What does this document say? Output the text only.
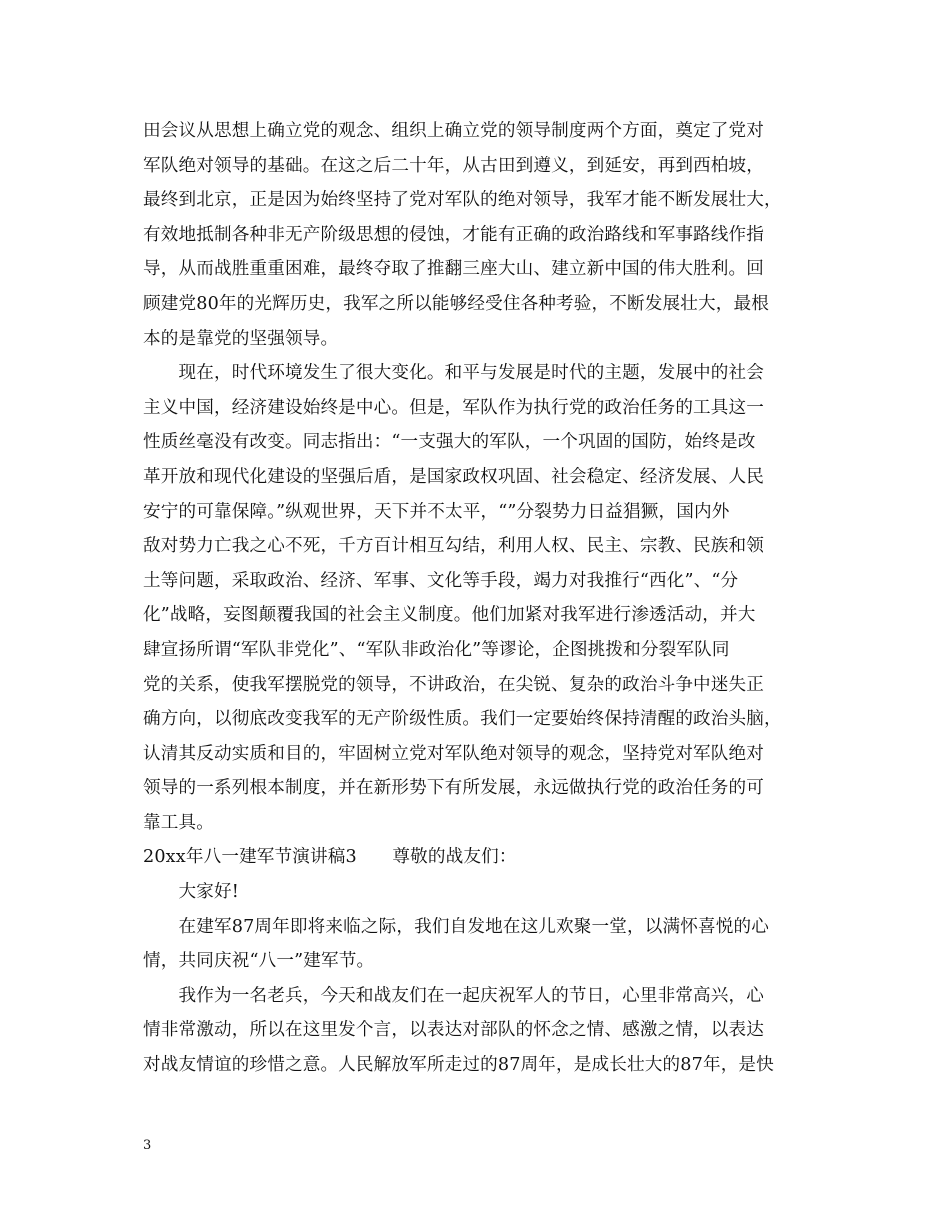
田会议从思想上确立党的观念、组织上确立党的领导制度两个方面，奠定了党对
军队绝对领导的基础。在这之后二十年，从古田到遵义，到延安，再到西柏坡，
最终到北京，正是因为始终坚持了党对军队的绝对领导，我军才能不断发展壮大，
有效地抵制各种非无产阶级思想的侵蚀，才能有正确的政治路线和军事路线作指
导，从而战胜重重困难，最终夺取了推翻三座大山、建立新中国的伟大胜利。回
顾建党80年的光辉历史，我军之所以能够经受住各种考验，不断发展壮大，最根
本的是靠党的坚强领导。
　　现在，时代环境发生了很大变化。和平与发展是时代的主题，发展中的社会
主义中国，经济建设始终是中心。但是，军队作为执行党的政治任务的工具这一
性质丝毫没有改变。同志指出：“一支强大的军队，一个巩固的国防，始终是改
革开放和现代化建设的坚强后盾，是国家政权巩固、社会稳定、经济发展、人民
安宁的可靠保障。”纵观世界，天下并不太平，“”分裂势力日益猖獗，国内外
敌对势力亡我之心不死，千方百计相互勾结，利用人权、民主、宗教、民族和领
土等问题，采取政治、经济、军事、文化等手段，竭力对我推行“西化”、“分
化”战略，妄图颠覆我国的社会主义制度。他们加紧对我军进行渗透活动，并大
肆宣扬所谓“军队非党化”、“军队非政治化”等谬论，企图挑拨和分裂军队同
党的关系，使我军摆脱党的领导，不讲政治，在尖锐、复杂的政治斗争中迷失正
确方向，以彻底改变我军的无产阶级性质。我们一定要始终保持清醒的政治头脑，
认清其反动实质和目的，牢固树立党对军队绝对领导的观念，坚持党对军队绝对
领导的一系列根本制度，并在新形势下有所发展，永远做执行党的政治任务的可
靠工具。
20xx年八一建军节演讲稿3　　尊敬的战友们：
　　大家好!
　　在建军87周年即将来临之际，我们自发地在这儿欢聚一堂，以满怀喜悦的心
情，共同庆祝“八一”建军节。
　　我作为一名老兵，今天和战友们在一起庆祝军人的节日，心里非常高兴，心
情非常激动，所以在这里发个言，以表达对部队的怀念之情、感激之情，以表达
对战友情谊的珍惜之意。人民解放军所走过的87周年，是成长壮大的87年，是快
3
